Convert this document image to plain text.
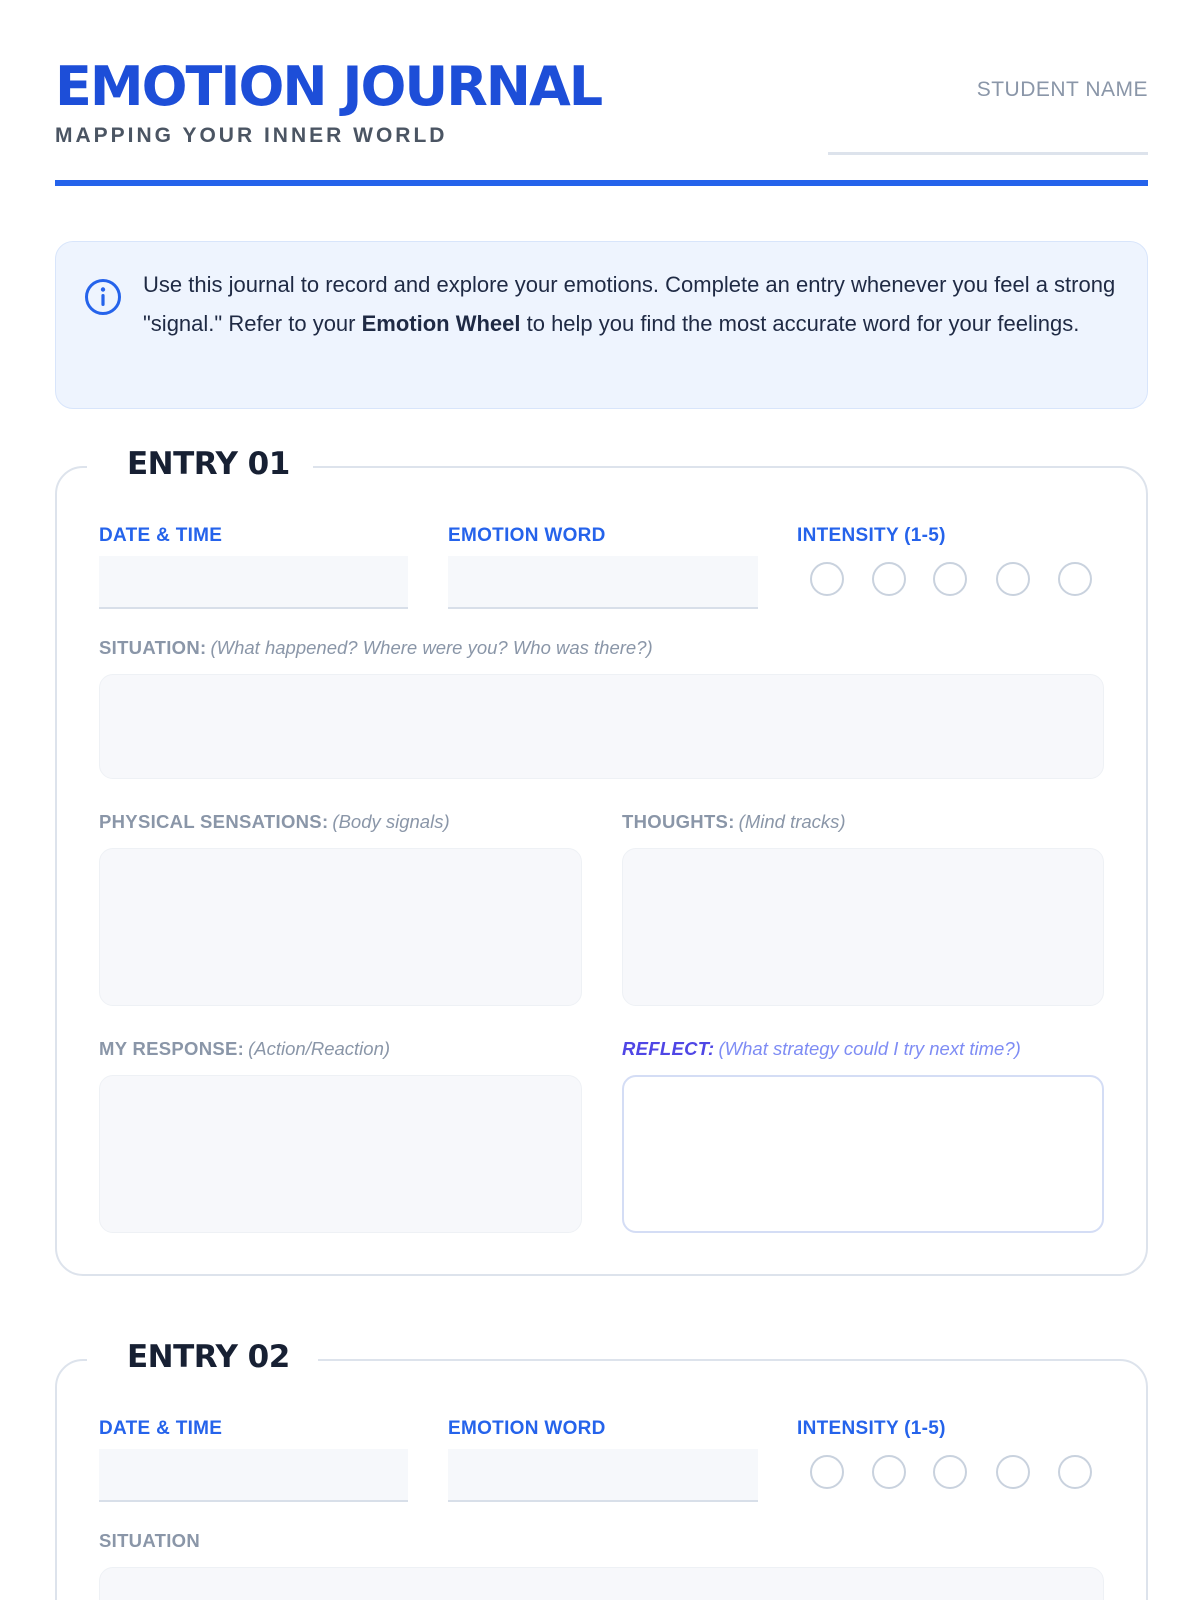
EMOTION JOURNAL
MAPPING YOUR INNER WORLD
STUDENT NAME
Use this journal to record and explore your emotions. Complete an entry whenever you feel a strong "signal." Refer to your Emotion Wheel to help you find the most accurate word for your feelings.
ENTRY 01
DATE & TIME	EMOTION WORD	INTENSITY (1-5)
SITUATION: (What happened? Where were you? Who was there?)
PHYSICAL SENSATIONS: (Body signals)	THOUGHTS: (Mind tracks)
MY RESPONSE: (Action/Reaction)	REFLECT: (What strategy could I try next time?)
ENTRY 02
DATE & TIME	EMOTION WORD	INTENSITY (1-5)
SITUATION
